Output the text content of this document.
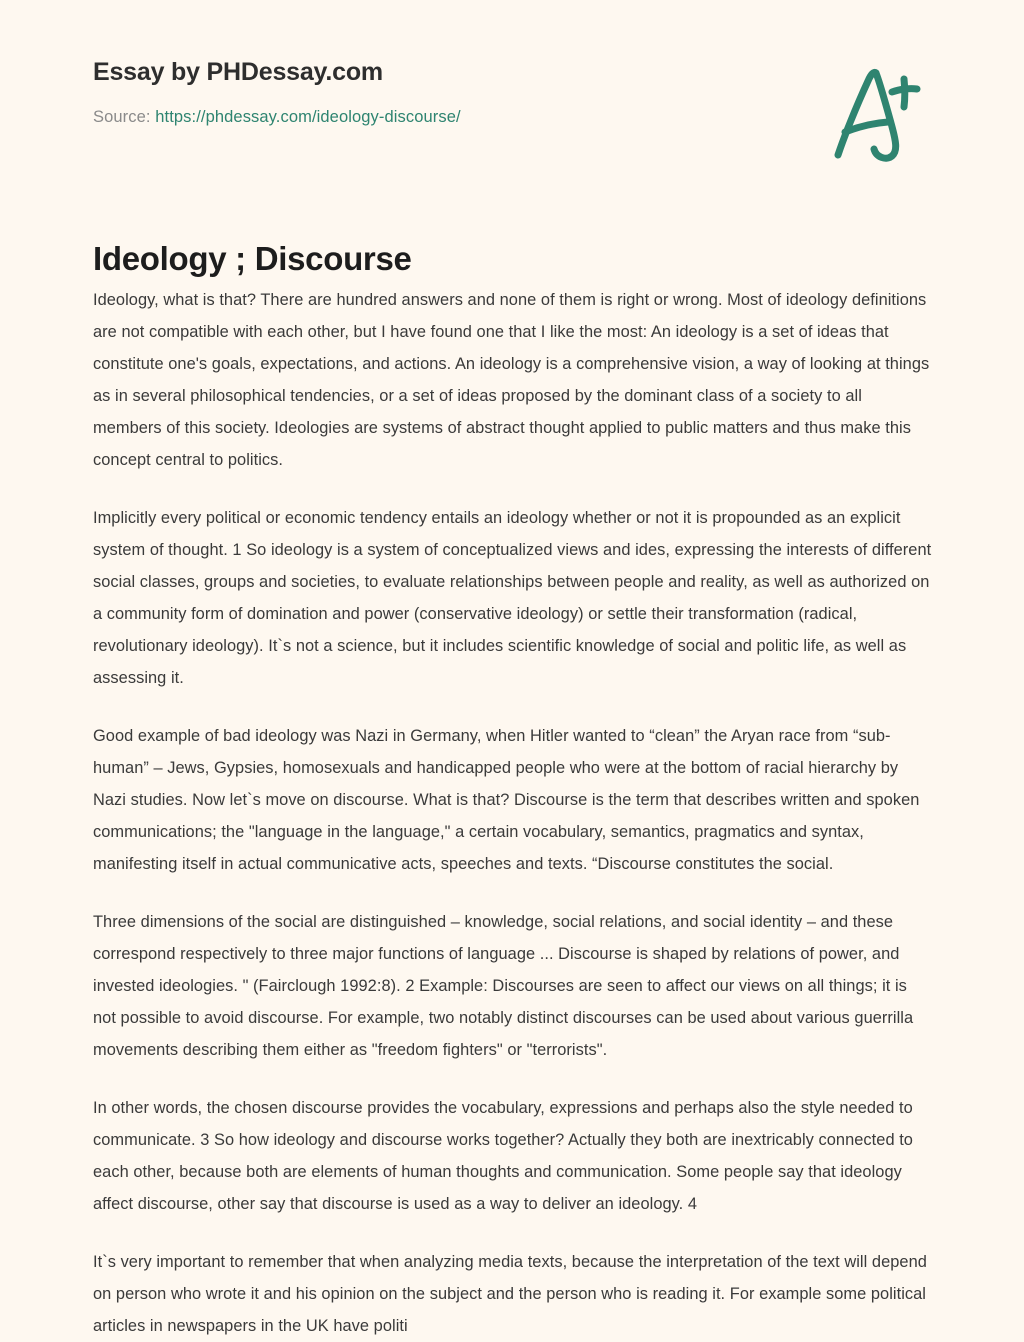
Essay by PHDessay.com
Source: https://phdessay.com/ideology-discourse/
Ideology ; Discourse

Ideology, what is that? There are hundred answers and none of them is right or wrong. Most of ideology definitions are not compatible with each other, but I have found one that I like the most: An ideology is a set of ideas that constitute one's goals, expectations, and actions. An ideology is a comprehensive vision, a way of looking at things as in several philosophical tendencies, or a set of ideas proposed by the dominant class of a society to all members of this society. Ideologies are systems of abstract thought applied to public matters and thus make this concept central to politics.

Implicitly every political or economic tendency entails an ideology whether or not it is propounded as an explicit system of thought. 1 So ideology is a system of conceptualized views and ides, expressing the interests of different social classes, groups and societies, to evaluate relationships between people and reality, as well as authorized on a community form of domination and power (conservative ideology) or settle their transformation (radical, revolutionary ideology). It`s not a science, but it includes scientific knowledge of social and politic life, as well as assessing it.

Good example of bad ideology was Nazi in Germany, when Hitler wanted to “clean” the Aryan race from “sub-human” – Jews, Gypsies, homosexuals and handicapped people who were at the bottom of racial hierarchy by Nazi studies. Now let`s move on discourse. What is that? Discourse is the term that describes written and spoken communications; the "language in the language," a certain vocabulary, semantics, pragmatics and syntax, manifesting itself in actual communicative acts, speeches and texts. “Discourse constitutes the social.

Three dimensions of the social are distinguished – knowledge, social relations, and social identity – and these correspond respectively to three major functions of language ... Discourse is shaped by relations of power, and invested ideologies. " (Fairclough 1992:8). 2 Example: Discourses are seen to affect our views on all things; it is not possible to avoid discourse. For example, two notably distinct discourses can be used about various guerrilla movements describing them either as "freedom fighters" or "terrorists".

In other words, the chosen discourse provides the vocabulary, expressions and perhaps also the style needed to communicate. 3 So how ideology and discourse works together? Actually they both are inextricably connected to each other, because both are elements of human thoughts and communication. Some people say that ideology affect discourse, other say that discourse is used as a way to deliver an ideology. 4

It`s very important to remember that when analyzing media texts, because the interpretation of the text will depend on person who wrote it and his opinion on the subject and the person who is reading it. For example some political articles in newspapers in the UK have politi
